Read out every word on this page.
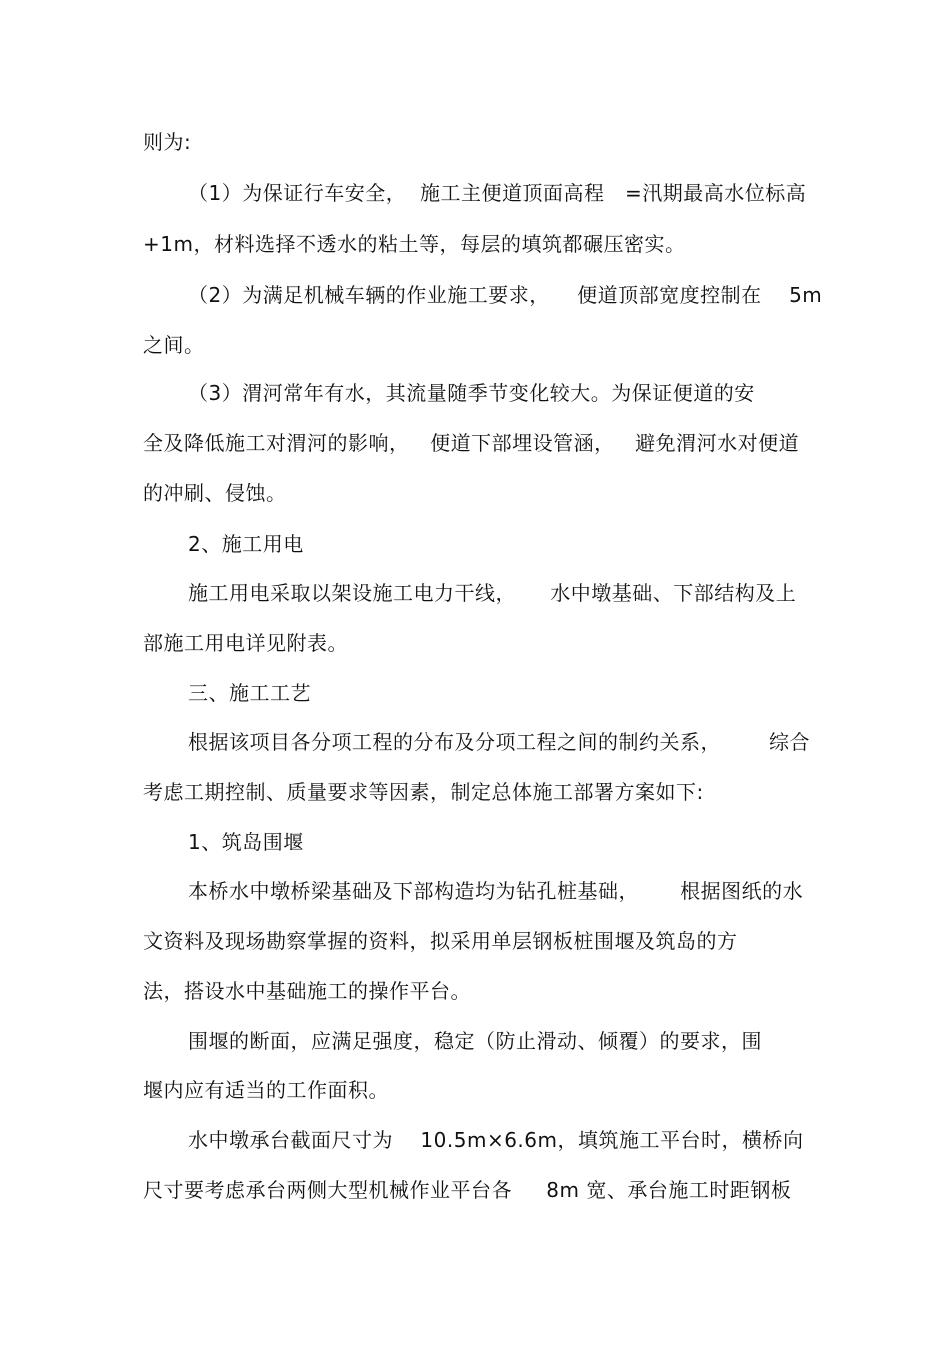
则为:
（1）为保证行车安全，  施工主便道顶面高程   =汛期最高水位标高
+1m，材料选择不透水的粘土等，每层的填筑都碾压密实。
（2）为满足机械车辆的作业施工要求，    便道顶部宽度控制在    5m
之间。
（3）渭河常年有水，其流量随季节变化较大。为保证便道的安
全及降低施工对渭河的影响，   便道下部埋设管涵，   避免渭河水对便道
的冲刷、侵蚀。
2、施工用电
施工用电采取以架设施工电力干线，     水中墩基础、下部结构及上
部施工用电详见附表。
三、施工工艺
根据该项目各分项工程的分布及分项工程之间的制约关系，       综合
考虑工期控制、质量要求等因素，制定总体施工部署方案如下:
1、筑岛围堰
本桥水中墩桥梁基础及下部构造均为钻孔桩基础，      根据图纸的水
文资料及现场勘察掌握的资料，拟采用单层钢板桩围堰及筑岛的方
法，搭设水中基础施工的操作平台。
围堰的断面，应满足强度，稳定（防止滑动、倾覆）的要求，围
堰内应有适当的工作面积。
水中墩承台截面尺寸为    10.5m×6.6m，填筑施工平台时，横桥向
尺寸要考虑承台两侧大型机械作业平台各     8m 宽、承台施工时距钢板
